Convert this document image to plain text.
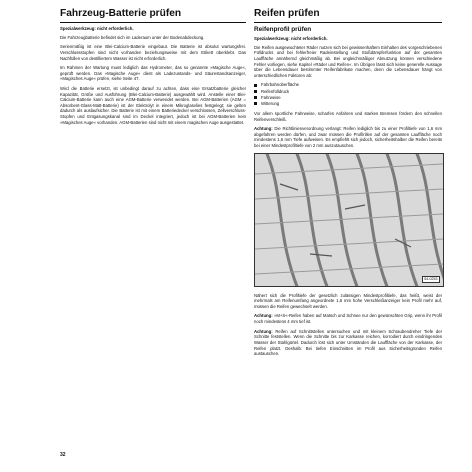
Fahrzeug-Batterie prüfen
Spezialwerkzeug: nicht erforderlich.

Die Fahrzeugbatterie befindet sich im Laderaum unter der Bodenabdeckung.

Serienmäßig ist eine Blei-Calcium-Batterie eingebaut. Die Batterie ist absolut wartungsfrei. Verschlussstopfen sind nicht vorhanden beziehungsweise mit dem Etikett überklebt. Das Nachfüllen von destilliertem Wasser ist nicht erforderlich.

Im Rahmen der Wartung muss lediglich das Hydrometer, das so genannte »Magische Auge«, geprüft werden. Das »Magische Auge« dient als Ladezustands- und Säurestandsanzeiger, »Magisches Auge« prüfen, siehe Seite 47.

Wird die Batterie ersetzt, ist unbedingt darauf zu achten, dass eine Ersatzbatterie gleicher Kapazität, Größe und Ausführung (Blei-Calcium-Batterie) ausgewählt wird. Anstelle einer Blei-Calcium-Batterie kann auch eine AGM-Batterie verwendet werden. Bei AGM-Batterien (AGM = Absorbent-Glass-Matt-Batterie) ist der Elektrolyt in einem Mikroglasvlies festgelegt; sie gelten dadurch als auslaufsicher. Die Batterie ist mit einem Batteriedeckel verschlossen, Zellverschluss-Stopfen und Entgasungskanal sind im Deckel integriert, jedoch ist bei AGM-Batterien kein »Magisches Auge« vorhanden. AGM-Batterien sind nicht mit einem magischen Auge ausgestattet.

Reifen prüfen
Reifenprofil prüfen
Spezialwerkzeug: nicht erforderlich.

Die Reifen ausgewuchteter Räder nutzen sich bei gewissenhaftem Einhalten des vorgeschriebenen Fülldrucks und bei fehlerfreier Radeinstellung und Stoßdämpferfunktion auf der gesamten Lauffläche annähernd gleichmäßig ab. Bei ungleichmäßiger Abnutzung können verschiedene Fehler vorliegen, siehe Kapitel »Räder und Reifen«. Im Übrigen lässt sich keine generelle Aussage über die Lebensdauer bestimmter Reifenfabrikate machen, denn die Lebensdauer hängt von unterschiedlichen Faktoren ab:

Fahrbahnoberfläche
Reifenfülldruck
Fahrweise
Witterung

Vor allem sportliche Fahrweise, scharfes Anfahren und starkes Bremsen fördern den schnellen Reifenverschleiß.

Achtung: Die Richtlinienverordnung verlangt: Reifen lediglich bis zu einer Profiltiefe von 1,6 mm abgefahren werden dürfen, und zwar müssen die Profilrillen auf der gesamten Lauffläche noch mindestens 1,6 mm Tiefe aufweisen. Es empfiehlt sich jedoch, sicherheitshalber die Reifen bereits bei einer Mindestprofiltiefe von 2 mm auszutauschen.

54-0253

Nähert sich die Profiltiefe der gesetzlich zulässigen Mindestprofiltiefe, das heißt, weist der mehrmals am Reifenumfang angeordnete 1,6 mm hohe Verschleißanzeiger kein Profil mehr auf, müssen die Reifen gewechselt werden.

Achtung: »M+S«-Reifen haben auf Matsch und Schnee nur den gewünschten Grip, wenn ihr Profil noch mindestens 4 mm tief ist.

Achtung: Reifen auf Schnittstellen untersuchen und mit kleinem Schraubendreher Tiefe der Schnitte feststellen. Wenn die Schnitte bis zur Karkasse reichen, korrodiert durch eindringendes Wasser der Stahlgürtel. Dadurch löst sich unter Umständen die Lauffläche von der Karkasse, der Reifen platzt. Deshalb: Bei tiefen Einschnitten im Profil aus Sicherheitsgründen Reifen austauschen.

32
